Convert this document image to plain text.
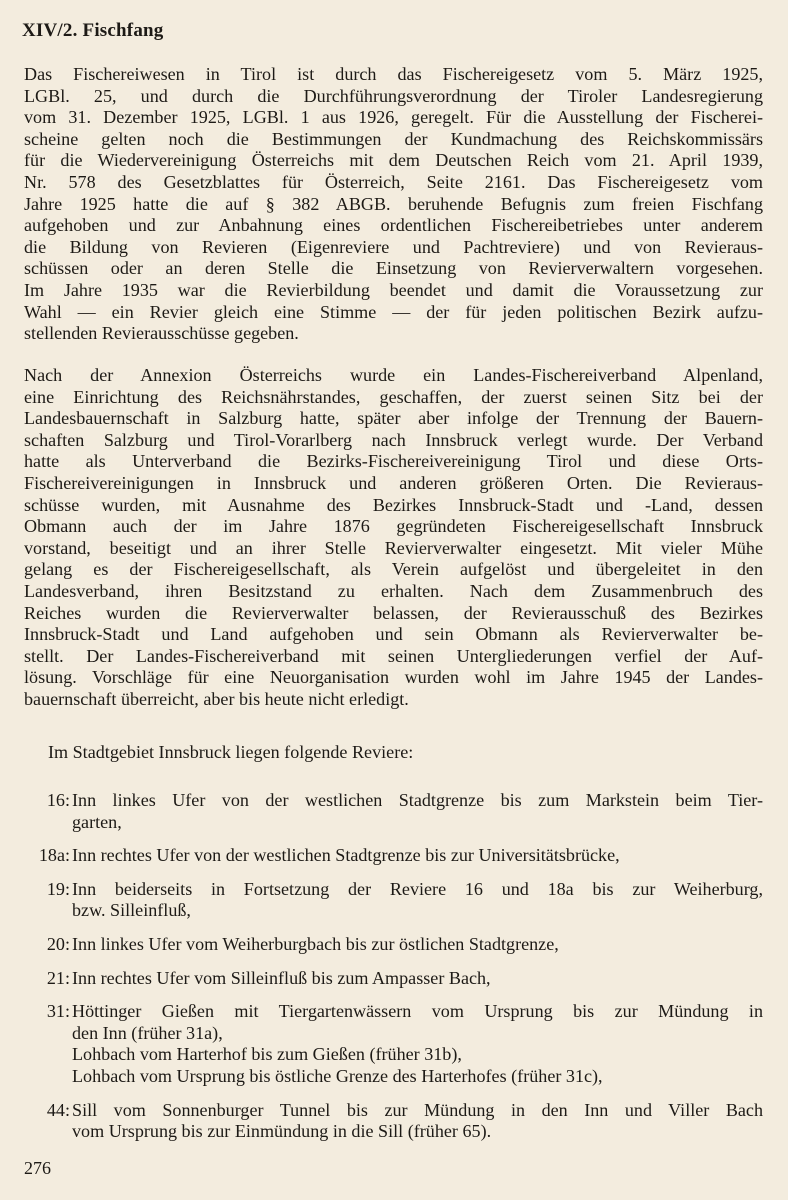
XIV/2. Fischfang

Das Fischereiwesen in Tirol ist durch das Fischereigesetz vom 5. März 1925,
LGBl. 25, und durch die Durchführungsverordnung der Tiroler Landesregierung
vom 31. Dezember 1925, LGBl. 1 aus 1926, geregelt. Für die Ausstellung der Fischerei-
scheine gelten noch die Bestimmungen der Kundmachung des Reichskommissärs
für die Wiedervereinigung Österreichs mit dem Deutschen Reich vom 21. April 1939,
Nr. 578 des Gesetzblattes für Österreich, Seite 2161. Das Fischereigesetz vom
Jahre 1925 hatte die auf § 382 ABGB. beruhende Befugnis zum freien Fischfang
aufgehoben und zur Anbahnung eines ordentlichen Fischereibetriebes unter anderem
die Bildung von Revieren (Eigenreviere und Pachtreviere) und von Revieraus-
schüssen oder an deren Stelle die Einsetzung von Revierverwaltern vorgesehen.
Im Jahre 1935 war die Revierbildung beendet und damit die Voraussetzung zur
Wahl — ein Revier gleich eine Stimme — der für jeden politischen Bezirk aufzu-
stellenden Revierausschüsse gegeben.

Nach der Annexion Österreichs wurde ein Landes-Fischereiverband Alpenland,
eine Einrichtung des Reichsnährstandes, geschaffen, der zuerst seinen Sitz bei der
Landesbauernschaft in Salzburg hatte, später aber infolge der Trennung der Bauern-
schaften Salzburg und Tirol-Vorarlberg nach Innsbruck verlegt wurde. Der Verband
hatte als Unterverband die Bezirks-Fischereivereinigung Tirol und diese Orts-
Fischereivereinigungen in Innsbruck und anderen größeren Orten. Die Revieraus-
schüsse wurden, mit Ausnahme des Bezirkes Innsbruck-Stadt und -Land, dessen
Obmann auch der im Jahre 1876 gegründeten Fischereigesellschaft Innsbruck
vorstand, beseitigt und an ihrer Stelle Revierverwalter eingesetzt. Mit vieler Mühe
gelang es der Fischereigesellschaft, als Verein aufgelöst und übergeleitet in den
Landesverband, ihren Besitzstand zu erhalten. Nach dem Zusammenbruch des
Reiches wurden die Revierverwalter belassen, der Revierausschuß des Bezirkes
Innsbruck-Stadt und Land aufgehoben und sein Obmann als Revierverwalter be-
stellt. Der Landes-Fischereiverband mit seinen Untergliederungen verfiel der Auf-
lösung. Vorschläge für eine Neuorganisation wurden wohl im Jahre 1945 der Landes-
bauernschaft überreicht, aber bis heute nicht erledigt.

Im Stadtgebiet Innsbruck liegen folgende Reviere:

16: Inn linkes Ufer von der westlichen Stadtgrenze bis zum Markstein beim Tier-
garten,
18a: Inn rechtes Ufer von der westlichen Stadtgrenze bis zur Universitätsbrücke,
19: Inn beiderseits in Fortsetzung der Reviere 16 und 18a bis zur Weiherburg,
bzw. Silleinfluß,
20: Inn linkes Ufer vom Weiherburgbach bis zur östlichen Stadtgrenze,
21: Inn rechtes Ufer vom Silleinfluß bis zum Ampasser Bach,
31: Höttinger Gießen mit Tiergartenwässern vom Ursprung bis zur Mündung in
den Inn (früher 31a),
Lohbach vom Harterhof bis zum Gießen (früher 31b),
Lohbach vom Ursprung bis östliche Grenze des Harterhofes (früher 31c),
44: Sill vom Sonnenburger Tunnel bis zur Mündung in den Inn und Viller Bach
vom Ursprung bis zur Einmündung in die Sill (früher 65).

276
